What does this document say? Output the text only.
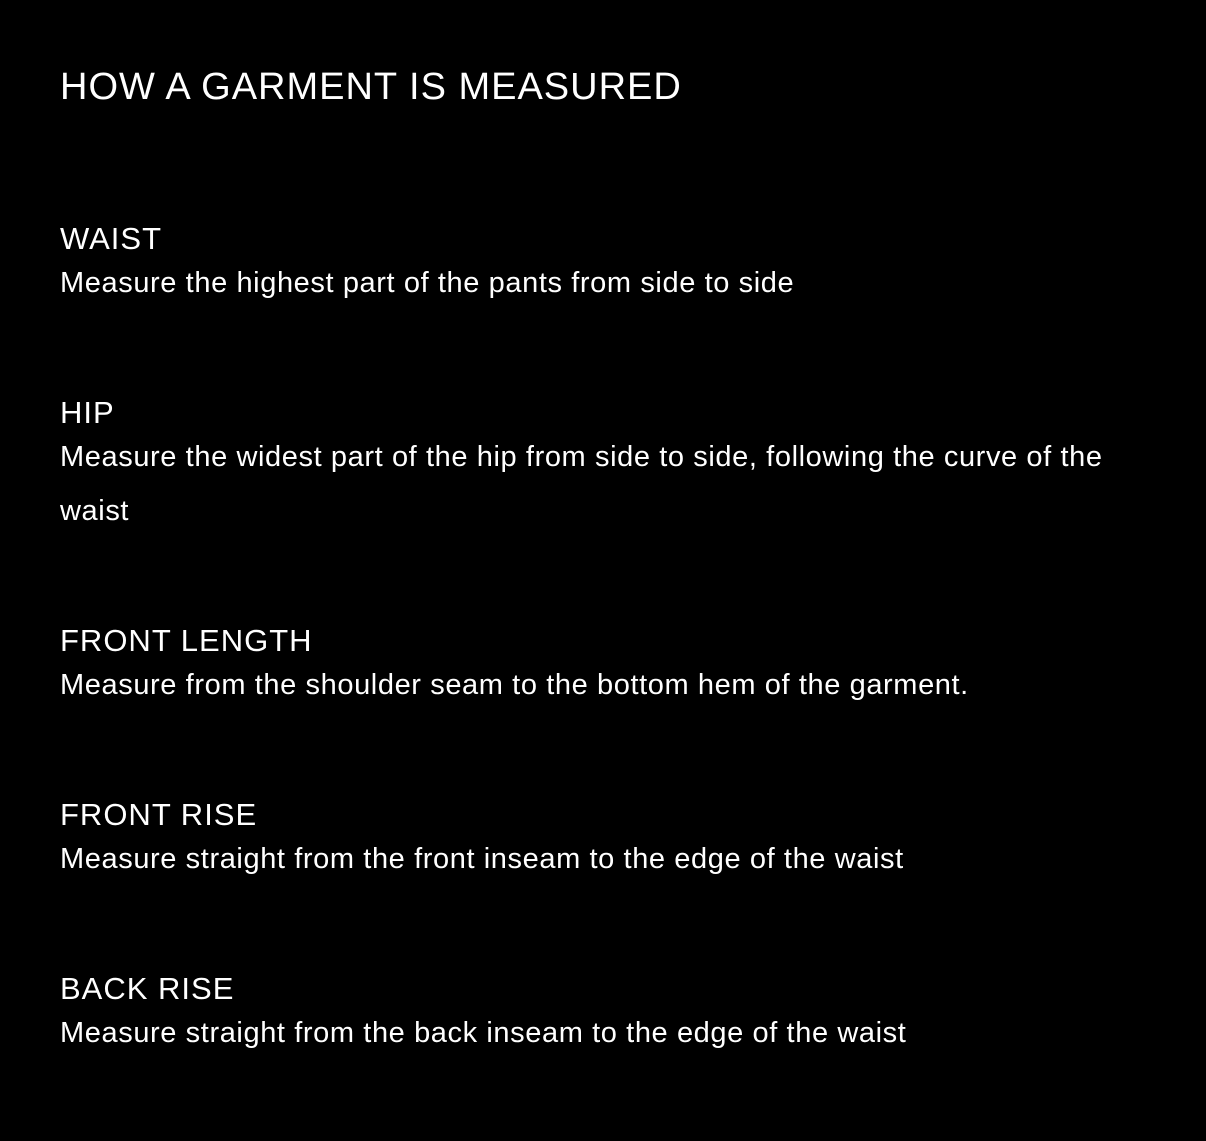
HOW A GARMENT IS MEASURED
WAIST

Measure the highest part of the pants from side to side

HIP

Measure the widest part of the hip from side to side, following the curve of the waist

FRONT LENGTH

Measure from the shoulder seam to the bottom hem of the garment.

FRONT RISE

Measure straight from the front inseam to the edge of the waist

BACK RISE

Measure straight from the back inseam to the edge of the waist
